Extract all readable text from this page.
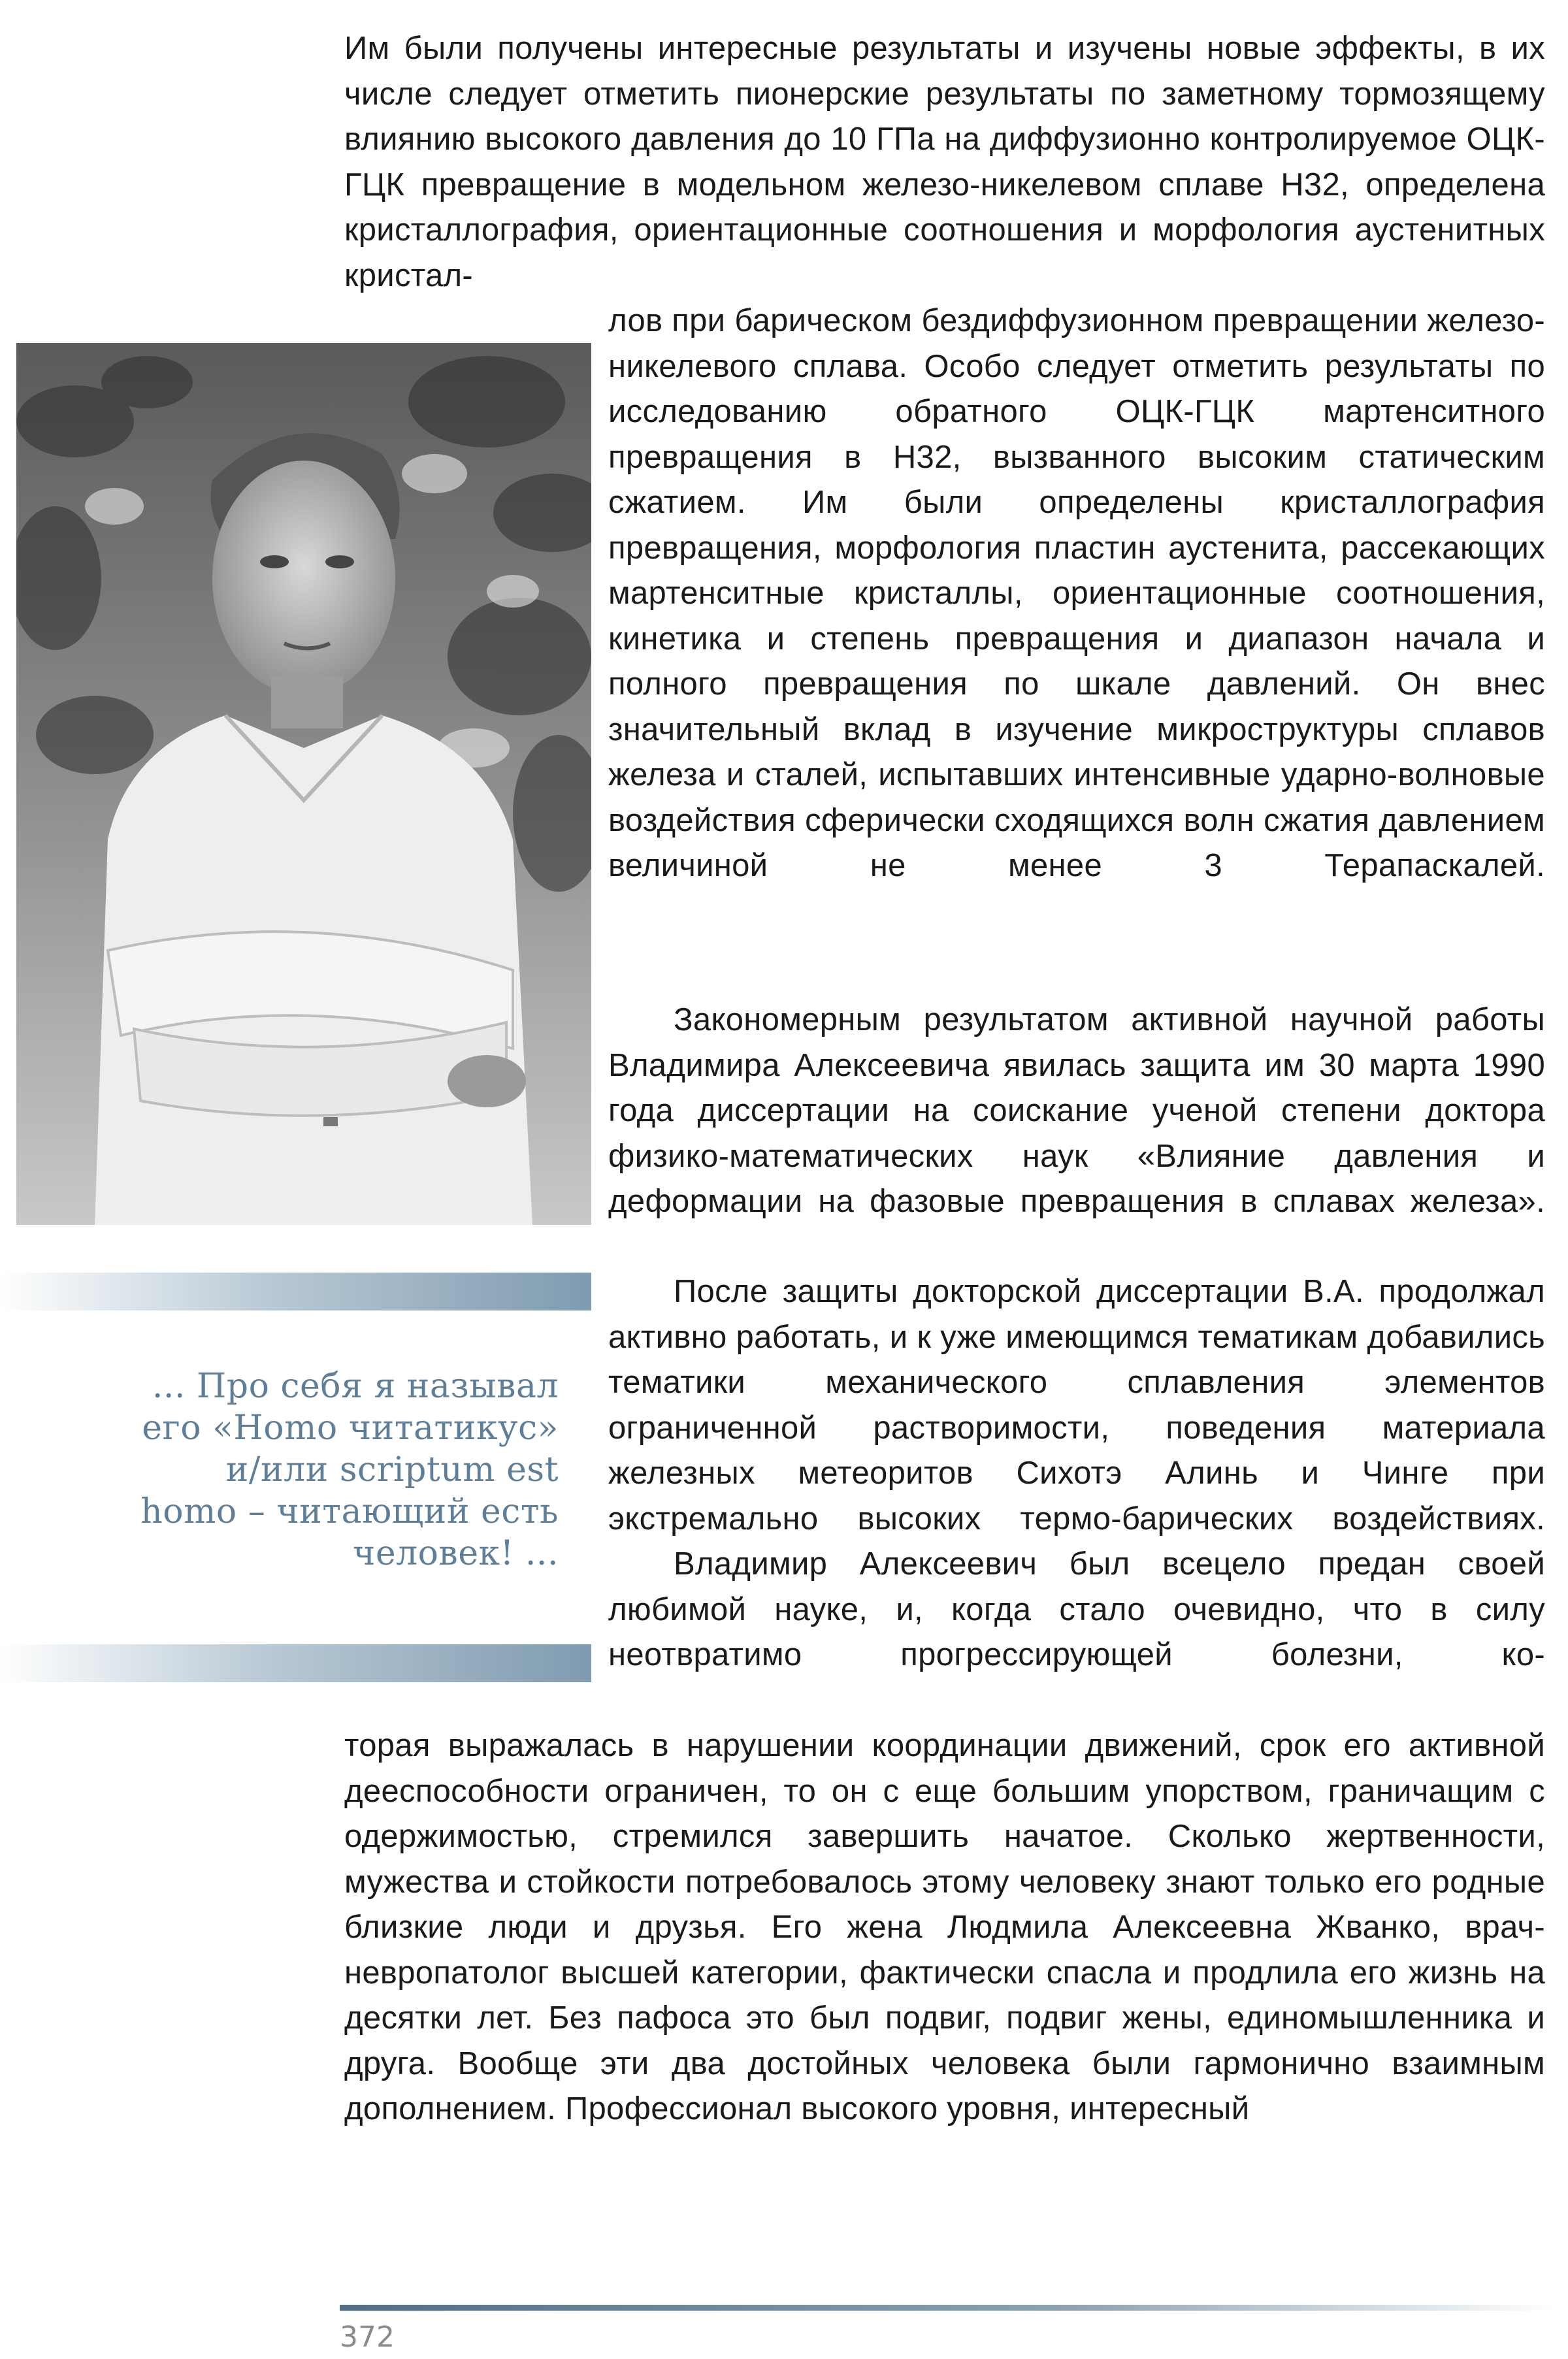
Им были получены интересные результаты и изучены новые эффекты, в их числе следует отметить пионерские результаты по заметному тормозящему влиянию высокого давления до 10 ГПа на диффузионно контролируемое ОЦК-ГЦК превращение в модельном железо-никелевом сплаве Н32, определена кристаллография, ориентационные соотношения и морфология аустенитных кристал-

лов при барическом бездиффузионном превращении железо-никелевого сплава. Особо следует отметить результаты по исследованию обратного ОЦК-ГЦК мартенситного превращения в Н32, вызванного высоким статическим сжатием. Им были определены кристаллография превращения, морфология пластин аустенита, рассекающих мартенситные кристаллы, ориентационные соотношения, кинетика и степень превращения и диапазон начала и полного превращения по шкале давлений. Он внес значительный вклад в изучение микроструктуры сплавов железа и сталей, испытавших интенсивные ударно-волновые воздействия сферически сходящихся волн сжатия давлением величиной не менее 3 Терапаскалей.

Закономерным результатом активной научной работы Владимира Алексеевича явилась защита им 30 марта 1990 года диссертации на соискание ученой степени доктора физико-математических наук «Влияние давления и деформации на фазовые превращения в сплавах железа».

... Про себя я называл
его «Homo читатикус»
и/или scriptum est
homo – читающий есть
человек! ...

После защиты докторской диссертации В.А. продолжал активно работать, и к уже имеющимся тематикам добавились тематики механического сплавления элементов ограниченной растворимости, поведения материала железных метеоритов Сихотэ Алинь и Чинге при экстремально высоких термо-барических воздействиях.

Владимир Алексеевич был всецело предан своей любимой науке, и, когда стало очевидно, что в силу неотвратимо прогрессирующей болезни, ко-

торая выражалась в нарушении координации движений, срок его активной дееспособности ограничен, то он с еще большим упорством, граничащим с одержимостью, стремился завершить начатое. Сколько жертвенности, мужества и стойкости потребовалось этому человеку знают только его родные близкие люди и друзья. Его жена Людмила Алексеевна Жванко, врач-невропатолог высшей категории, фактически спасла и продлила его жизнь на десятки лет. Без пафоса это был подвиг, подвиг жены, единомышленника и друга. Вообще эти два достойных человека были гармонично взаимным дополнением. Профессионал высокого уровня, интересный

372
